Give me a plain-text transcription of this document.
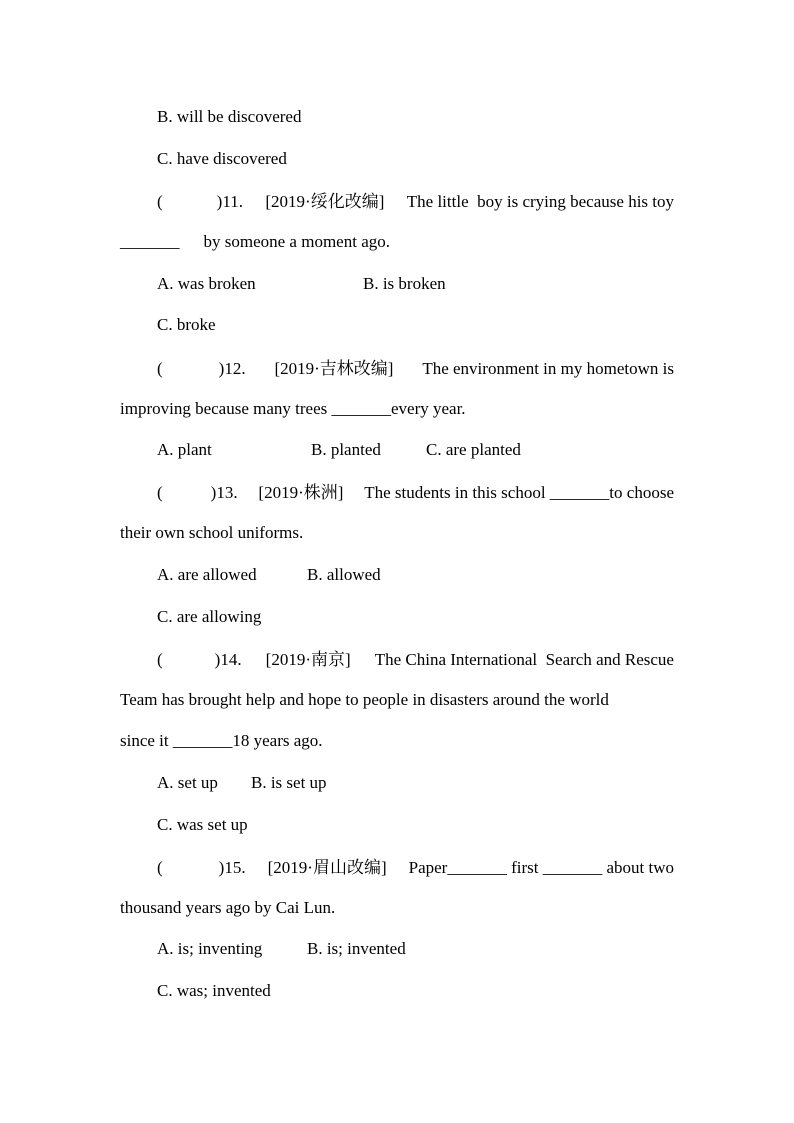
B. will be discovered
C. have discovered
(	)11. [2019·绥化改编] The little  boy is crying because his toy
_______ by someone a moment ago.
A. was broken	B. is broken
C. broke
(	)12. [2019·吉林改编] The environment in my hometown is
improving because many trees _______every year.
A. plant	B. planted	C. are planted
(	)13. [2019·株洲] The students in this school _______to choose
their own school uniforms.
A. are allowed	B. allowed
C. are allowing
(	)14. [2019·南京] The China International  Search and Rescue
Team has brought help and hope to people in disasters around the world
since it _______18 years ago.
A. set up B. is set up
C. was set up
(	)15. [2019·眉山改编] Paper_______ first _______ about two
thousand years ago by Cai Lun.
A. is; inventing	B. is; invented
C. was; invented
